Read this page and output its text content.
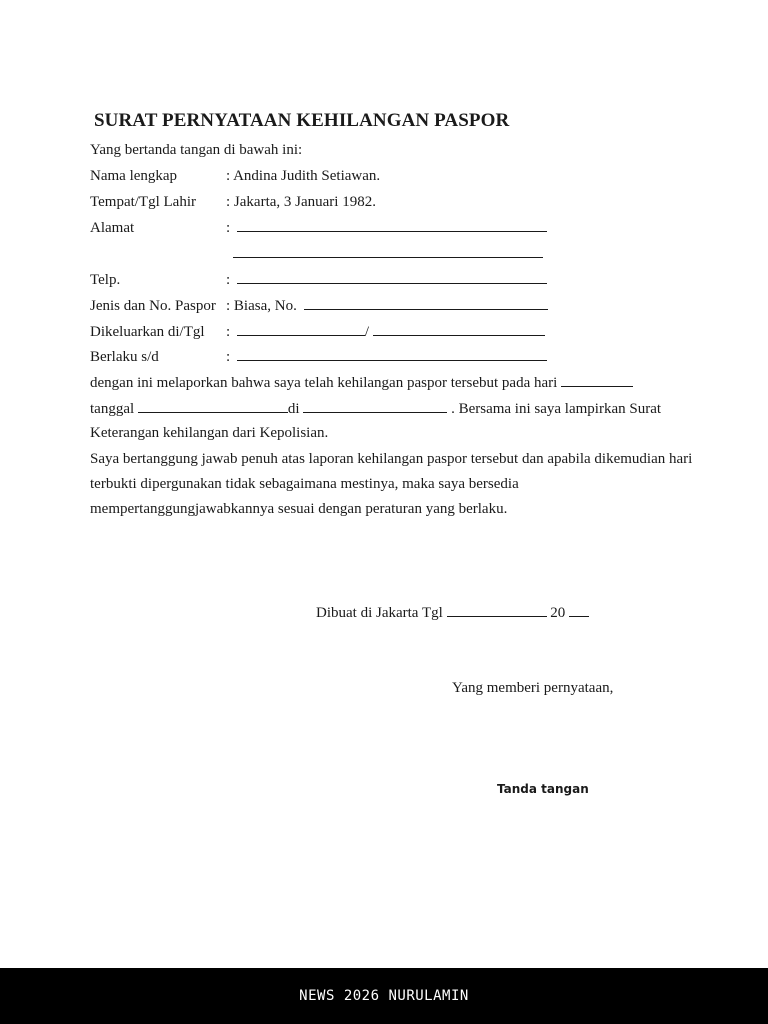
SURAT PERNYATAAN KEHILANGAN PASPOR
Yang bertanda tangan di bawah ini:
Nama lengkap	: Andina Judith Setiawan.
Tempat/Tgl Lahir : Jakarta, 3 Januari 1982.
Alamat	:
Telp.	:
Jenis dan No. Paspor : Biasa, No.
Dikeluarkan di/Tgl :	/
Berlaku s/d	:
dengan ini melaporkan bahwa saya telah kehilangan paspor tersebut pada hari
tanggal	di	. Bersama ini saya lampirkan Surat
Keterangan kehilangan dari Kepolisian.
Saya bertanggung jawab penuh atas laporan kehilangan paspor tersebut dan apabila dikemudian hari
terbukti dipergunakan tidak sebagaimana mestinya, maka saya bersedia
mempertanggungjawabkannya sesuai dengan peraturan yang berlaku.
Dibuat di Jakarta Tgl	20
Yang memberi pernyataan,
Tanda tangan
NEWS 2026 NURULAMIN
